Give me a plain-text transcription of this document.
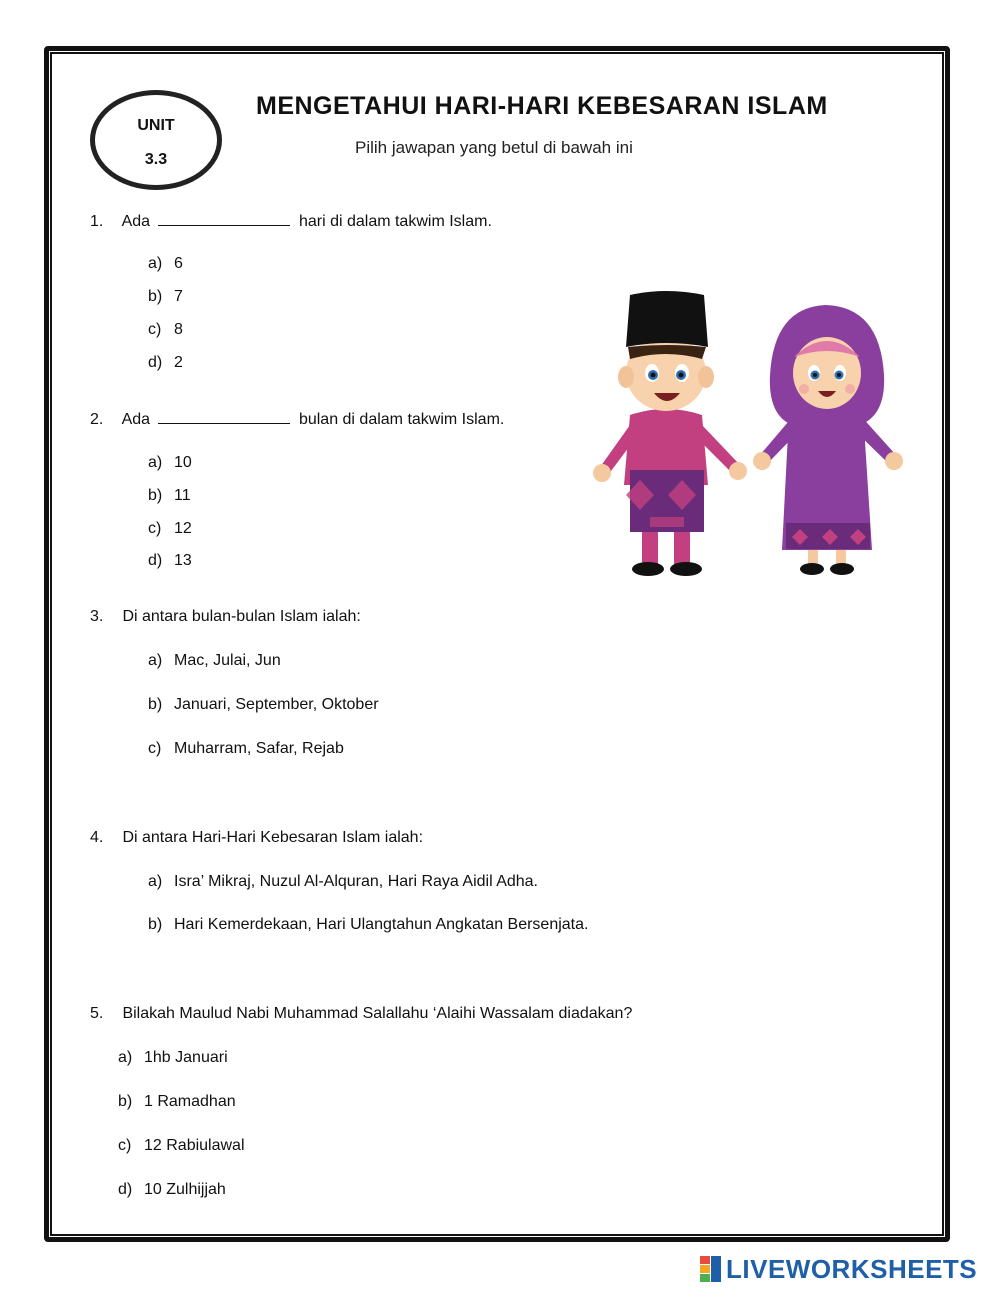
UNIT
3.3
MENGETAHUI HARI-HARI KEBESARAN ISLAM
Pilih jawapan yang betul di bawah ini
1. Ada	hari di dalam takwim Islam.
a) 6
b) 7
c) 8
d) 2
2. Ada	bulan di dalam takwim Islam.
a) 10
b) 11
c) 12
d) 13
3. Di antara bulan-bulan Islam ialah:
a) Mac, Julai, Jun
b) Januari, September, Oktober
c) Muharram, Safar, Rejab
4. Di antara Hari-Hari Kebesaran Islam ialah:
a) Isra’ Mikraj, Nuzul Al-Alquran, Hari Raya Aidil Adha.
b) Hari Kemerdekaan, Hari Ulangtahun Angkatan Bersenjata.
5. Bilakah Maulud Nabi Muhammad Salallahu ‘Alaihi Wassalam diadakan?
a) 1hb Januari
b) 1 Ramadhan
c) 12 Rabiulawal
d) 10 Zulhijjah
LIVEWORKSHEETS
